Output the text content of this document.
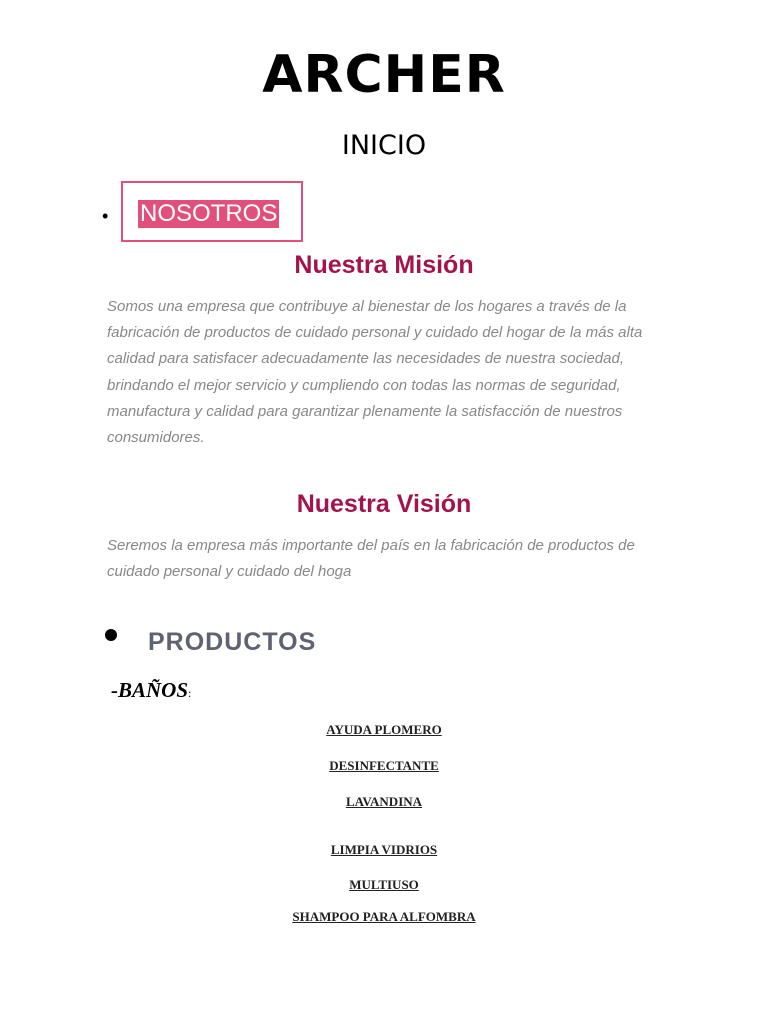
ARCHER
INICIO
• NOSOTROS
Nuestra Misión

Somos una empresa que contribuye al bienestar de los hogares a través de la fabricación de productos de cuidado personal y cuidado del hogar de la más alta calidad para satisfacer adecuadamente las necesidades de nuestra sociedad, brindando el mejor servicio y cumpliendo con todas las normas de seguridad, manufactura y calidad para garantizar plenamente la satisfacción de nuestros consumidores.

Nuestra Visión

Seremos la empresa más importante del país en la fabricación de productos de cuidado personal y cuidado del hoga

PRODUCTOS
-BAÑOS:
AYUDA PLOMERO
DESINFECTANTE
LAVANDINA
LIMPIA VIDRIOS
MULTIUSO
SHAMPOO PARA ALFOMBRA
